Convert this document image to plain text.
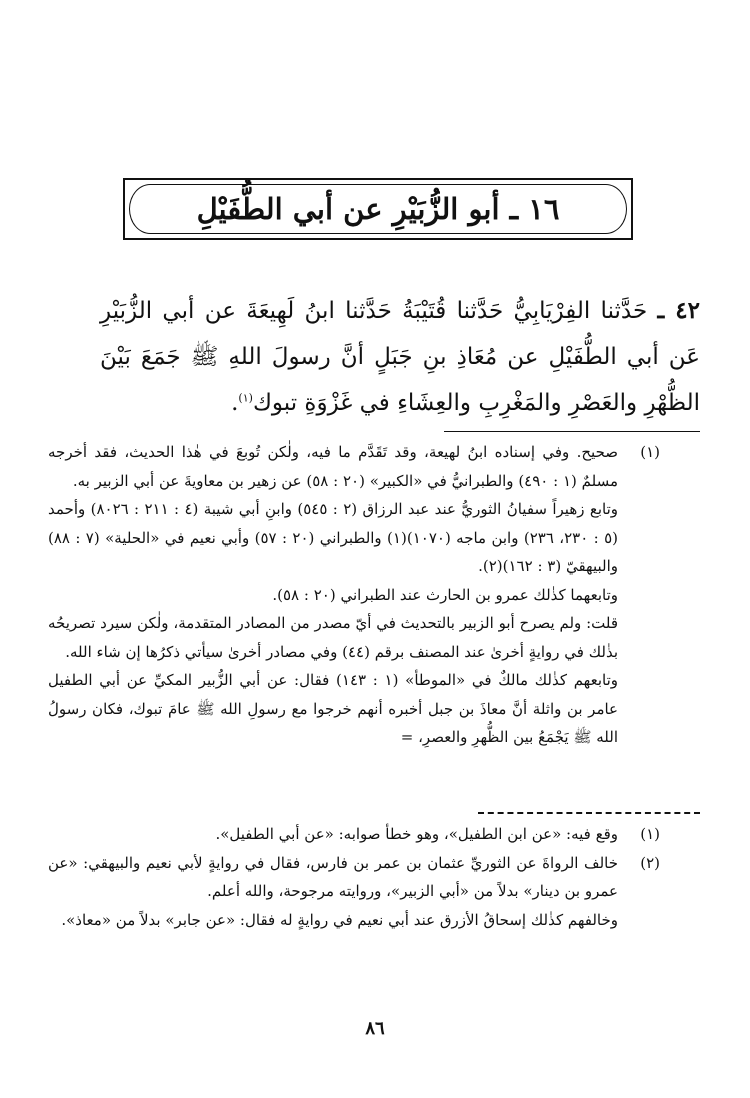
١٦ ـ أبو الزُّبَيْرِ عن أبي الطُّفَيْلِ

٤٢ ـ حَدَّثنا الفِرْيَابِيُّ حَدَّثنا قُتَيْبَةُ حَدَّثنا ابنُ لَهِيعَةَ عن أبي الزُّبَيْرِ عَن أبي الطُّفَيْلِ عن مُعَاذِ بنِ جَبَلٍ أنَّ رسولَ اللهِ ﷺ جَمَعَ بَيْنَ الظُّهْرِ والعَصْرِ والمَغْرِبِ والعِشَاءِ في غَزْوَةِ تبوك$^{(١)}$.

(١)

صحيح. وفي إسناده ابنُ لهيعة، وقد تَقَدَّم ما فيه، ولٰكن تُوبعَ في هٰذا الحديث، فقد أخرجه مسلمٌ (١ : ٤٩٠) والطبرانيُّ في «الكبير» (٢٠ : ٥٨) عن زهير بن معاويةَ عن أبي الزبير به.

وتابع زهيراً سفيانُ الثوريُّ عند عبد الرزاق (٢ : ٥٤٥) وابنِ أبي شيبة (٤ : ٢١١ : ٨٠٢٦) وأحمد (٥ : ٢٣٠، ٢٣٦) وابن ماجه (١٠٧٠)(١) والطبراني (٢٠ : ٥٧) وأبي نعيم في «الحلية» (٧ : ٨٨) والبيهقيّ (٣ : ١٦٢)(٢).

وتابعهما كذٰلك عمرو بن الحارث عند الطبراني (٢٠ : ٥٨).

قلت: ولم يصرح أبو الزبير بالتحديث في أيّ مصدر من المصادر المتقدمة، ولٰكن سيرد تصريحُه بذٰلك في روايةٍ أخرىٰ عند المصنف برقم (٤٤) وفي مصادر أخرىٰ سيأتي ذكرُها إن شاء الله.

وتابعهم كذٰلك مالكٌ في «الموطأ» (١ : ١٤٣) فقال: عن أبي الزُّبير المكيِّ عن أبي الطفيل عامر بن واثلة أنَّ معاذَ بن جبل أخبره أنهم خرجوا مع رسولِ الله ﷺ عامَ تبوك، فكان رسولُ الله ﷺ يَجْمَعُ بين الظُّهرِ والعصرِ، =

(١)

وقع فيه: «عن ابن الطفيل»، وهو خطأ صوابه: «عن أبي الطفيل».

(٢)

خالف الرواةَ عن الثوريِّ عثمان بن عمر بن فارس، فقال في روايةٍ لأبي نعيم والبيهقي: «عن عمرو بن دينار» بدلاً من «أبي الزبير»، وروايته مرجوحة، والله أعلم.

وخالفهم كذٰلك إسحاقُ الأزرق عند أبي نعيم في روايةٍ له فقال: «عن جابر» بدلاً من «معاذ».

٨٦
